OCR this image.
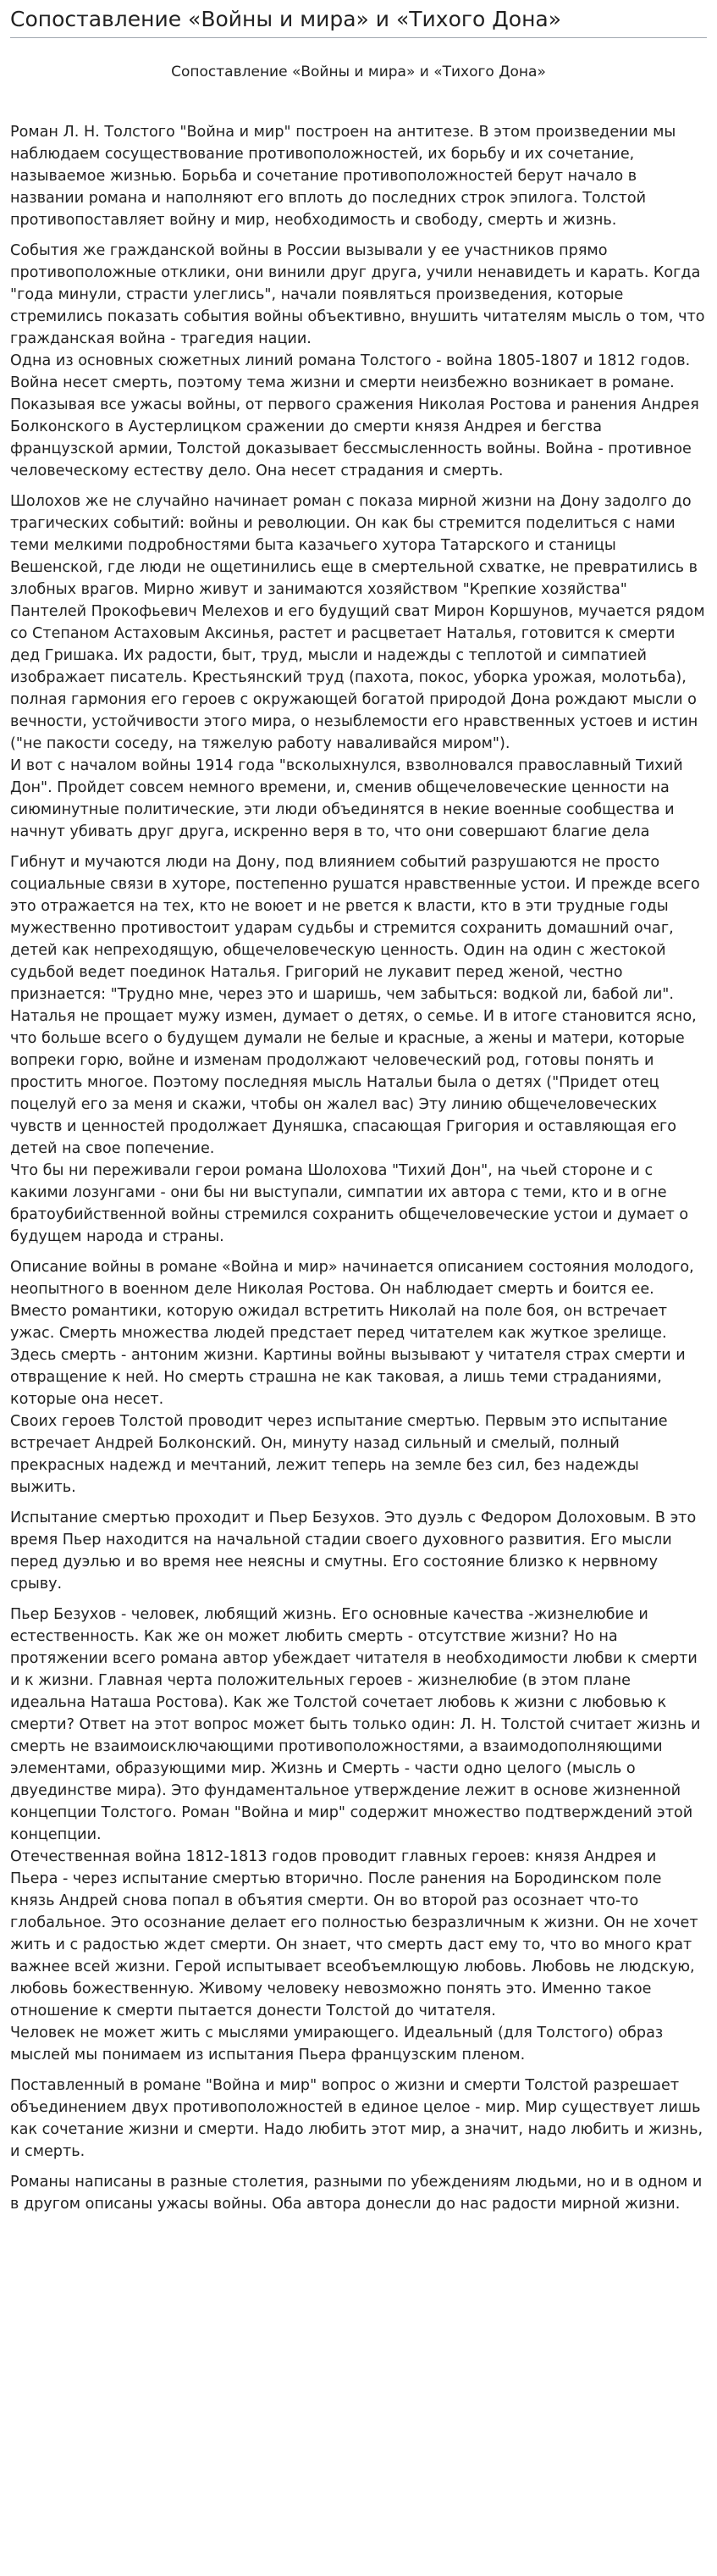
Сопоставление «Войны и мира» и «Тихого Дона»
Сопоставление «Войны и мира» и «Тихого Дона»

Роман Л. Н. Толстого "Война и мир" построен на антитезе. В этом произведении мы наблюдаем сосуществование противоположностей, их борьбу и их сочетание, называемое жизнью. Борьба и сочетание противоположностей берут начало в названии романа и наполняют его вплоть до последних строк эпилога. Толстой противопоставляет войну и мир, необходимость и свободу, смерть и жизнь.

События же гражданской войны в России вызывали у ее участников прямо противоположные отклики, они винили друг друга, учили ненавидеть и карать. Когда "года минули, страсти улеглись", начали появляться произведения, которые стремились показать события войны объективно, внушить читателям мысль о том, что гражданская война - трагедия нации.
Одна из основных сюжетных линий романа Толстого - война 1805-1807 и 1812 годов. Война несет смерть, поэтому тема жизни и смерти неизбежно возникает в романе. Показывая все ужасы войны, от первого сражения Николая Ростова и ранения Андрея Болконского в Аустерлицком сражении до смерти князя Андрея и бегства французской армии, Толстой доказывает бессмысленность войны. Война - противное человеческому естеству дело. Она несет страдания и смерть.

Шолохов же не случайно начинает роман с показа мирной жизни на Дону задолго до трагических событий: войны и революции. Он как бы стремится поделиться с нами теми мелкими подробностями быта казачьего хутора Татарского и станицы Вешенской, где люди не ощетинились еще в смертельной схватке, не превратились в злобных врагов. Мирно живут и занимаются хозяйством "Крепкие хозяйства" Пантелей Прокофьевич Мелехов и его будущий сват Мирон Коршунов, мучается рядом со Степаном Астаховым Аксинья, растет и расцветает Наталья, готовится к смерти дед Гришака. Их радости, быт, труд, мысли и надежды с теплотой и симпатией изображает писатель. Крестьянский труд (пахота, покос, уборка урожая, молотьба), полная гармония его героев с окружающей богатой природой Дона рождают мысли о вечности, устойчивости этого мира, о незыблемости его нравственных устоев и истин ("не пакости соседу, на тяжелую работу наваливайся миром").
И вот с началом войны 1914 года "всколыхнулся, взволновался православный Тихий Дон". Пройдет совсем немного времени, и, сменив общечеловеческие ценности на сиюминутные политические, эти люди объединятся в некие военные сообщества и начнут убивать друг друга, искренно веря в то, что они совершают благие дела

Гибнут и мучаются люди на Дону, под влиянием событий разрушаются не просто социальные связи в хуторе, постепенно рушатся нравственные устои. И прежде всего это отражается на тех, кто не воюет и не рвется к власти, кто в эти трудные годы мужественно противостоит ударам судьбы и стремится сохранить домашний очаг, детей как непреходящую, общечеловеческую ценность. Один на один с жестокой судьбой ведет поединок Наталья. Григорий не лукавит перед женой, честно признается: "Трудно мне, через это и шаришь, чем забыться: водкой ли, бабой ли". Наталья не прощает мужу измен, думает о детях, о семье. И в итоге становится ясно, что больше всего о будущем думали не белые и красные, а жены и матери, которые вопреки горю, войне и изменам продолжают человеческий род, готовы понять и простить многое. Поэтому последняя мысль Натальи была о детях ("Придет отец поцелуй его за меня и скажи, чтобы он жалел вас) Эту линию общечеловеческих чувств и ценностей продолжает Дуняшка, спасающая Григория и оставляющая его детей на свое попечение.
Что бы ни переживали герои романа Шолохова "Тихий Дон", на чьей стороне и с какими лозунгами - они бы ни выступали, симпатии их автора с теми, кто и в огне братоубийственной войны стремился сохранить общечеловеческие устои и думает о будущем народа и страны.

Описание войны в романе «Война и мир» начинается описанием состояния молодого, неопытного в военном деле Николая Ростова. Он наблюдает смерть и боится ее. Вместо романтики, которую ожидал встретить Николай на поле боя, он встречает ужас. Смерть множества людей предстает перед читателем как жуткое зрелище. Здесь смерть - антоним жизни. Картины войны вызывают у читателя страх смерти и отвращение к ней. Но смерть страшна не как таковая, а лишь теми страданиями, которые она несет.
Своих героев Толстой проводит через испытание смертью. Первым это испытание встречает Андрей Болконский. Он, минуту назад сильный и смелый, полный прекрасных надежд и мечтаний, лежит теперь на земле без сил, без надежды выжить.

Испытание смертью проходит и Пьер Безухов. Это дуэль с Федором Долоховым. В это время Пьер находится на начальной стадии своего духовного развития. Его мысли перед дуэлью и во время нее неясны и смутны. Его состояние близко к нервному срыву.

Пьер Безухов - человек, любящий жизнь. Его основные качества -жизнелюбие и естественность. Как же он может любить смерть - отсутствие жизни? Но на протяжении всего романа автор убеждает читателя в необходимости любви к смерти и к жизни. Главная черта положительных героев - жизнелюбие (в этом плане идеальна Наташа Ростова). Как же Толстой сочетает любовь к жизни с любовью к смерти? Ответ на этот вопрос может быть только один: Л. Н. Толстой считает жизнь и смерть не взаимоисключающими противоположностями, а взаимодополняющими элементами, образующими мир. Жизнь и Смерть - части одно целого (мысль о двуединстве мира). Это фундаментальное утверждение лежит в основе жизненной концепции Толстого. Роман "Война и мир" содержит множество подтверждений этой концепции.
Отечественная война 1812-1813 годов проводит главных героев: князя Андрея и Пьера - через испытание смертью вторично. После ранения на Бородинском поле князь Андрей снова попал в объятия смерти. Он во второй раз осознает что-то глобальное. Это осознание делает его полностью безразличным к жизни. Он не хочет жить и с радостью ждет смерти. Он знает, что смерть даст ему то, что во много крат важнее всей жизни. Герой испытывает всеобъемлющую любовь. Любовь не людскую, любовь божественную. Живому человеку невозможно понять это. Именно такое отношение к смерти пытается донести Толстой до читателя.
Человек не может жить с мыслями умирающего. Идеальный (для Толстого) образ мыслей мы понимаем из испытания Пьера французским пленом.

Поставленный в романе "Война и мир" вопрос о жизни и смерти Толстой разрешает объединением двух противоположностей в единое целое - мир. Мир существует лишь как сочетание жизни и смерти. Надо любить этот мир, а значит, надо любить и жизнь, и смерть.

Романы написаны в разные столетия, разными по убеждениям людьми, но и в одном и в другом описаны ужасы войны. Оба автора донесли до нас радости мирной жизни.
